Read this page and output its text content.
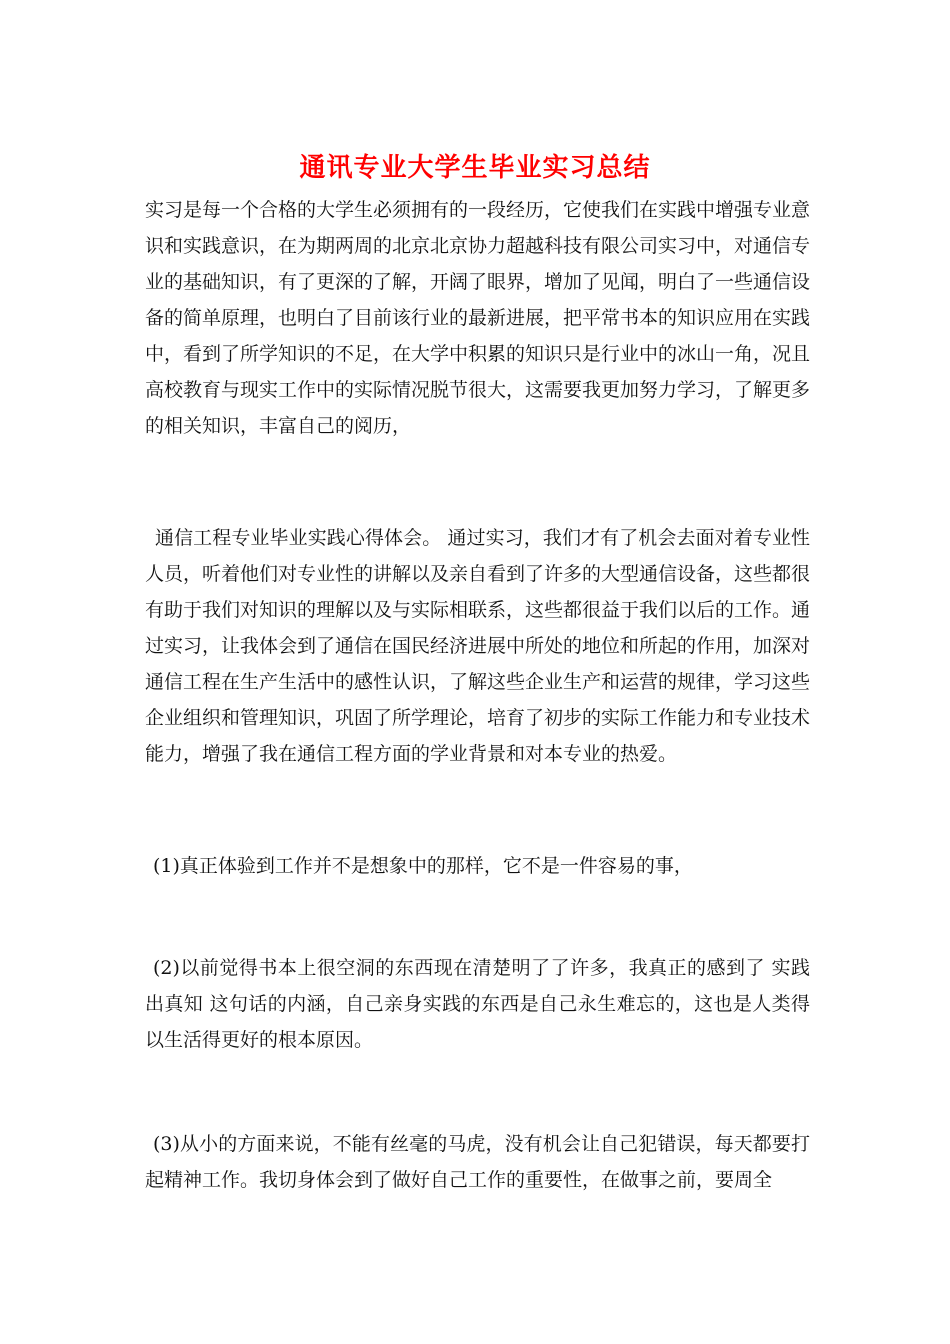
通讯专业大学生毕业实习总结

实习是每一个合格的大学生必须拥有的一段经历，它使我们在实践中增强专业意识和实践意识，在为期两周的北京北京协力超越科技有限公司实习中，对通信专业的基础知识，有了更深的了解，开阔了眼界，增加了见闻，明白了一些通信设备的简单原理，也明白了目前该行业的最新进展，把平常书本的知识应用在实践中，看到了所学知识的不足，在大学中积累的知识只是行业中的冰山一角，况且高校教育与现实工作中的实际情况脱节很大，这需要我更加努力学习，了解更多的相关知识，丰富自己的阅历，

通信工程专业毕业实践心得体会。 通过实习，我们才有了机会去面对着专业性人员，听着他们对专业性的讲解以及亲自看到了许多的大型通信设备，这些都很有助于我们对知识的理解以及与实际相联系，这些都很益于我们以后的工作。通过实习，让我体会到了通信在国民经济进展中所处的地位和所起的作用，加深对通信工程在生产生活中的感性认识，了解这些企业生产和运营的规律，学习这些企业组织和管理知识，巩固了所学理论，培育了初步的实际工作能力和专业技术能力，增强了我在通信工程方面的学业背景和对本专业的热爱。

(1)真正体验到工作并不是想象中的那样，它不是一件容易的事，

(2)以前觉得书本上很空洞的东西现在清楚明了了许多，我真正的感到了 实践出真知 这句话的内涵，自己亲身实践的东西是自己永生难忘的，这也是人类得以生活得更好的根本原因。

(3)从小的方面来说，不能有丝毫的马虎，没有机会让自己犯错误，每天都要打起精神工作。我切身体会到了做好自己工作的重要性，在做事之前，要周全
